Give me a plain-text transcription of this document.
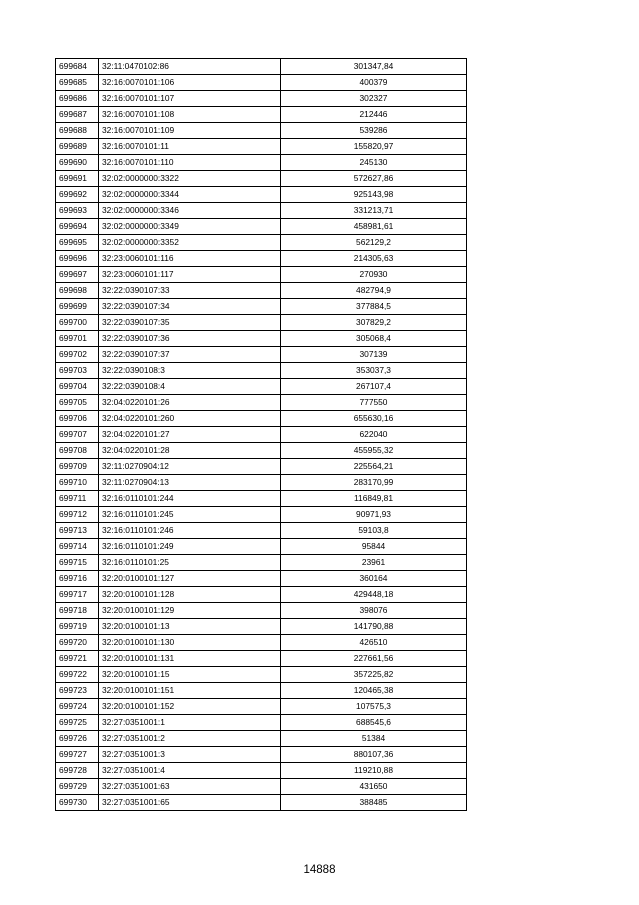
699684	32:11:0470102:86	301347,84
699685	32:16:0070101:106	400379
699686	32:16:0070101:107	302327
699687	32:16:0070101:108	212446
699688	32:16:0070101:109	539286
699689	32:16:0070101:11	155820,97
699690	32:16:0070101:110	245130
699691	32:02:0000000:3322	572627,86
699692	32:02:0000000:3344	925143,98
699693	32:02:0000000:3346	331213,71
699694	32:02:0000000:3349	458981,61
699695	32:02:0000000:3352	562129,2
699696	32:23:0060101:116	214305,63
699697	32:23:0060101:117	270930
699698	32:22:0390107:33	482794,9
699699	32:22:0390107:34	377884,5
699700	32:22:0390107:35	307829,2
699701	32:22:0390107:36	305068,4
699702	32:22:0390107:37	307139
699703	32:22:0390108:3	353037,3
699704	32:22:0390108:4	267107,4
699705	32:04:0220101:26	777550
699706	32:04:0220101:260	655630,16
699707	32:04:0220101:27	622040
699708	32:04:0220101:28	455955,32
699709	32:11:0270904:12	225564,21
699710	32:11:0270904:13	283170,99
699711	32:16:0110101:244	116849,81
699712	32:16:0110101:245	90971,93
699713	32:16:0110101:246	59103,8
699714	32:16:0110101:249	95844
699715	32:16:0110101:25	23961
699716	32:20:0100101:127	360164
699717	32:20:0100101:128	429448,18
699718	32:20:0100101:129	398076
699719	32:20:0100101:13	141790,88
699720	32:20:0100101:130	426510
699721	32:20:0100101:131	227661,56
699722	32:20:0100101:15	357225,82
699723	32:20:0100101:151	120465,38
699724	32:20:0100101:152	107575,3
699725	32:27:0351001:1	688545,6
699726	32:27:0351001:2	51384
699727	32:27:0351001:3	880107,36
699728	32:27:0351001:4	119210,88
699729	32:27:0351001:63	431650
699730	32:27:0351001:65	388485
14888
